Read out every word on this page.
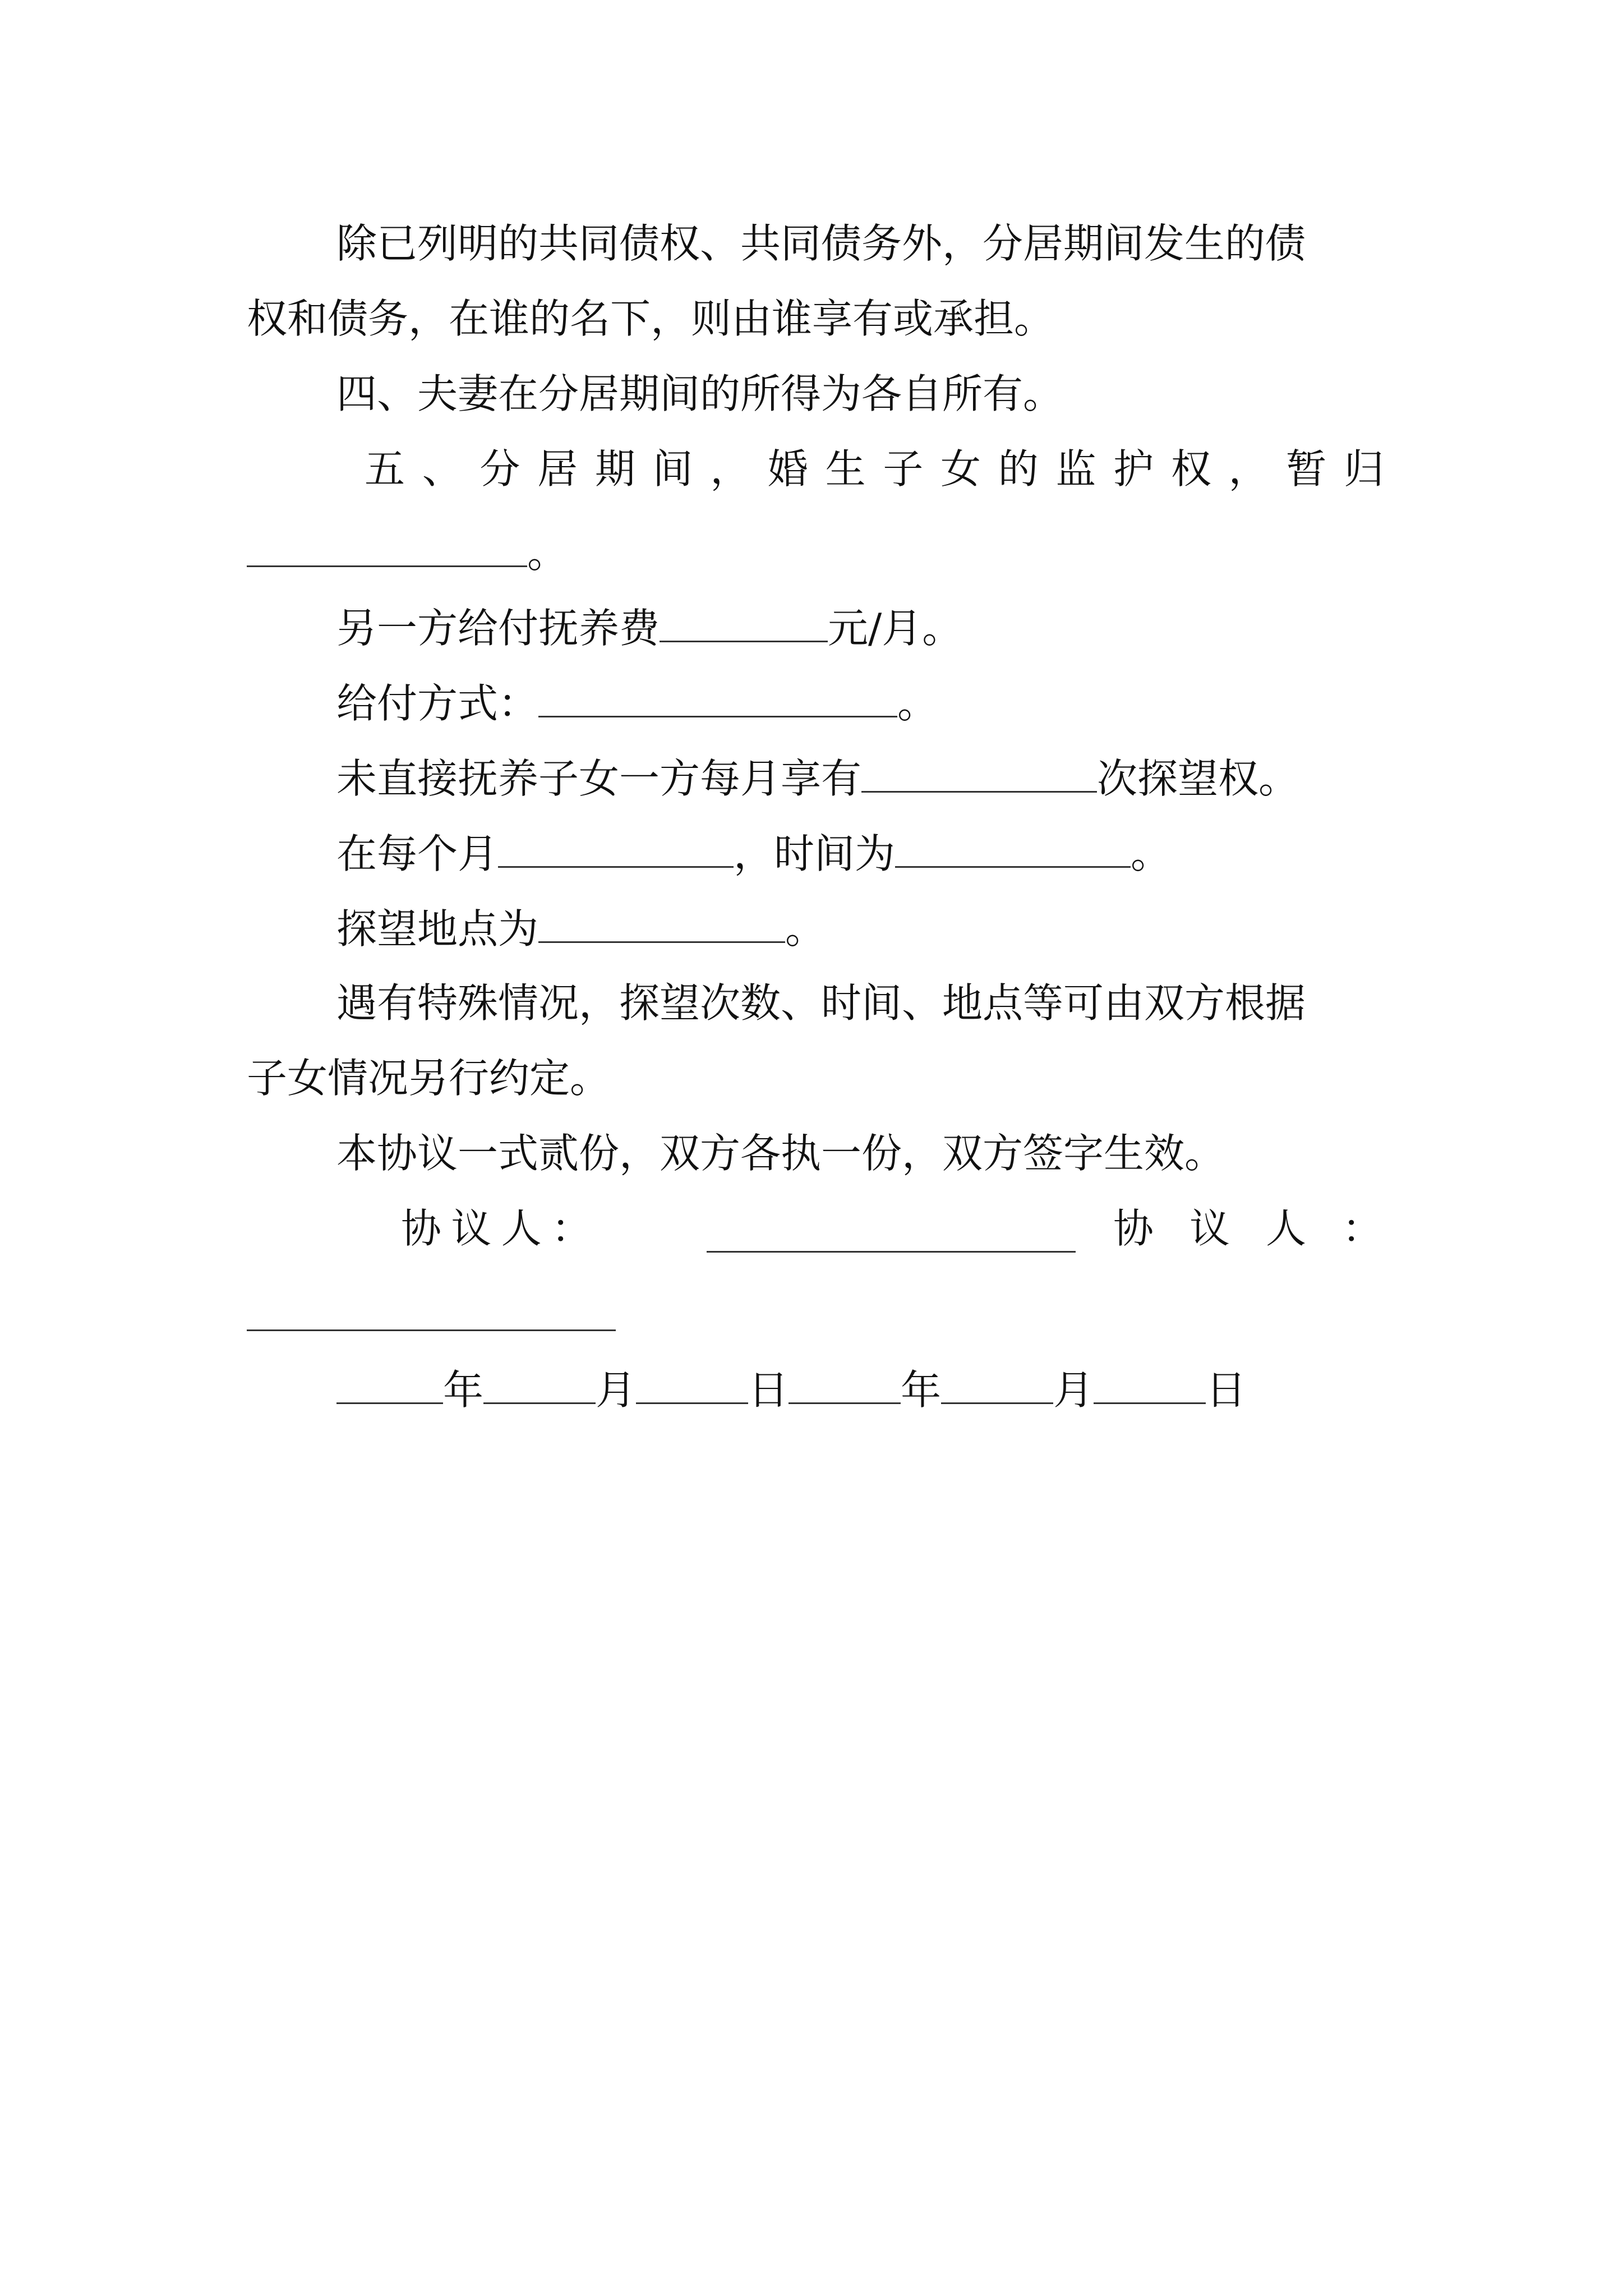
除已列明的共同债权、共同债务外，分居期间发生的债
权和债务，在谁的名下，则由谁享有或承担。
四、夫妻在分居期间的所得为各自所有。
五 、 分 居 期 间 ， 婚 生 子 女 的 监 护 权 ， 暂 归
。
另一方给付抚养费	元/月。
给付方式：	。
未直接抚养子女一方每月享有	次探望权。
在每个月	，时间为	。
探望地点为	。
遇有特殊情况，探望次数、时间、地点等可由双方根据
子女情况另行约定。
本协议一式贰份，双方各执一份，双方签字生效。
协 议 人 ：	协 议 人 ：
年	月	日	年	月	日
